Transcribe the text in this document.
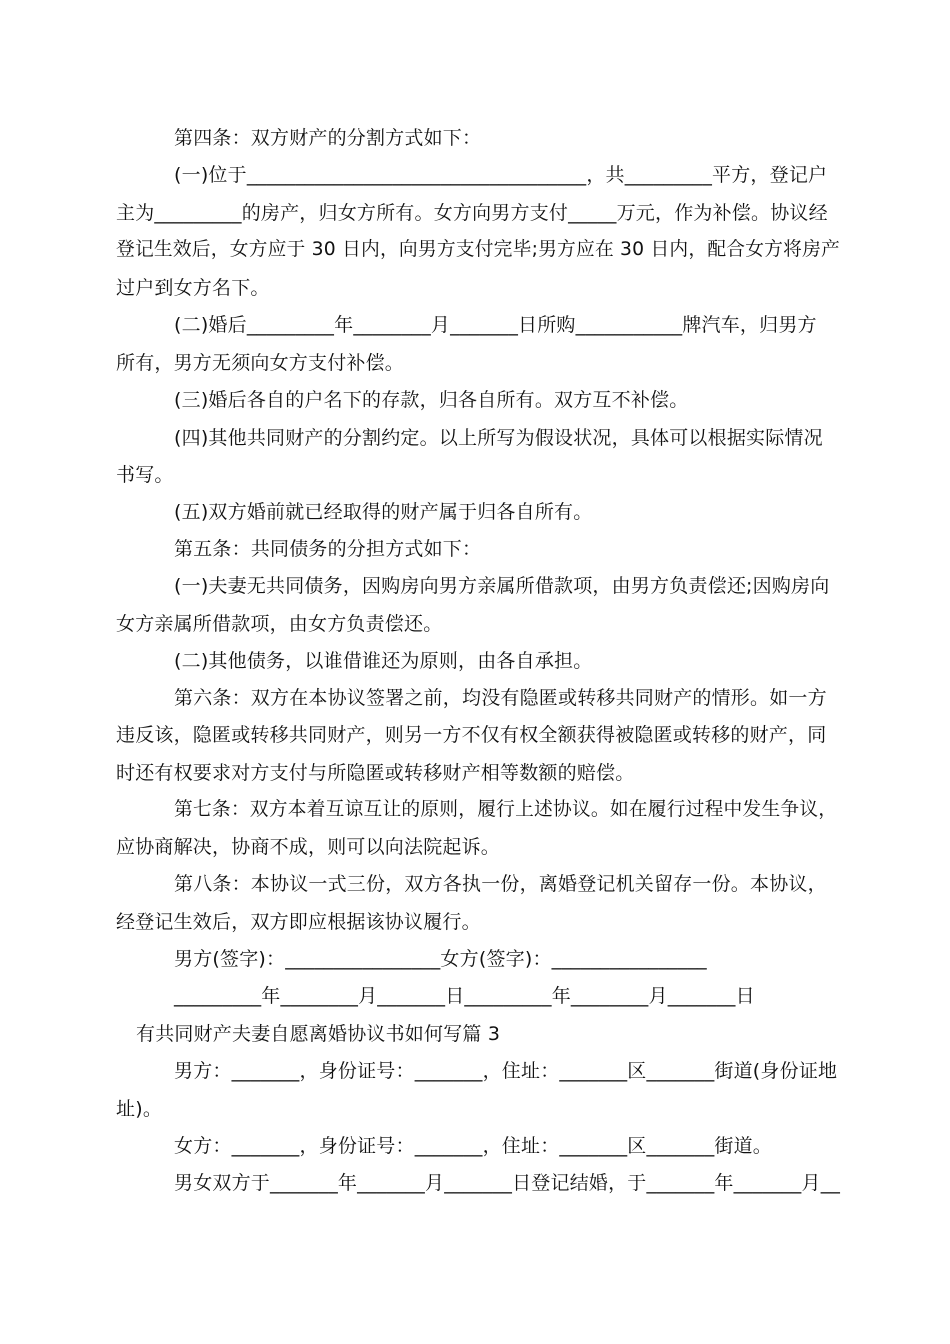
第四条：双方财产的分割方式如下：

(一)位于___________________________________，共_________平方，登记户

主为_________的房产，归女方所有。女方向男方支付_____万元，作为补偿。协议经

登记生效后，女方应于 30 日内，向男方支付完毕;男方应在 30 日内，配合女方将房产

过户到女方名下。

(二)婚后_________年________月_______日所购___________牌汽车，归男方

所有，男方无须向女方支付补偿。

(三)婚后各自的户名下的存款，归各自所有。双方互不补偿。

(四)其他共同财产的分割约定。以上所写为假设状况，具体可以根据实际情况

书写。

(五)双方婚前就已经取得的财产属于归各自所有。

第五条：共同债务的分担方式如下：

(一)夫妻无共同债务，因购房向男方亲属所借款项，由男方负责偿还;因购房向

女方亲属所借款项，由女方负责偿还。

(二)其他债务，以谁借谁还为原则，由各自承担。

第六条：双方在本协议签署之前，均没有隐匿或转移共同财产的情形。如一方

违反该，隐匿或转移共同财产，则另一方不仅有权全额获得被隐匿或转移的财产，同

时还有权要求对方支付与所隐匿或转移财产相等数额的赔偿。

第七条：双方本着互谅互让的原则，履行上述协议。如在履行过程中发生争议，

应协商解决，协商不成，则可以向法院起诉。

第八条：本协议一式三份，双方各执一份，离婚登记机关留存一份。本协议，

经登记生效后，双方即应根据该协议履行。

男方(签字)：________________女方(签字)：________________

_________年________月_______日_________年________月_______日

有共同财产夫妻自愿离婚协议书如何写篇 3

男方：_______，身份证号：_______，住址：_______区_______街道(身份证地

址)。

女方：_______，身份证号：_______，住址：_______区_______街道。

男女双方于_______年_______月_______日登记结婚，于_______年_______月__
